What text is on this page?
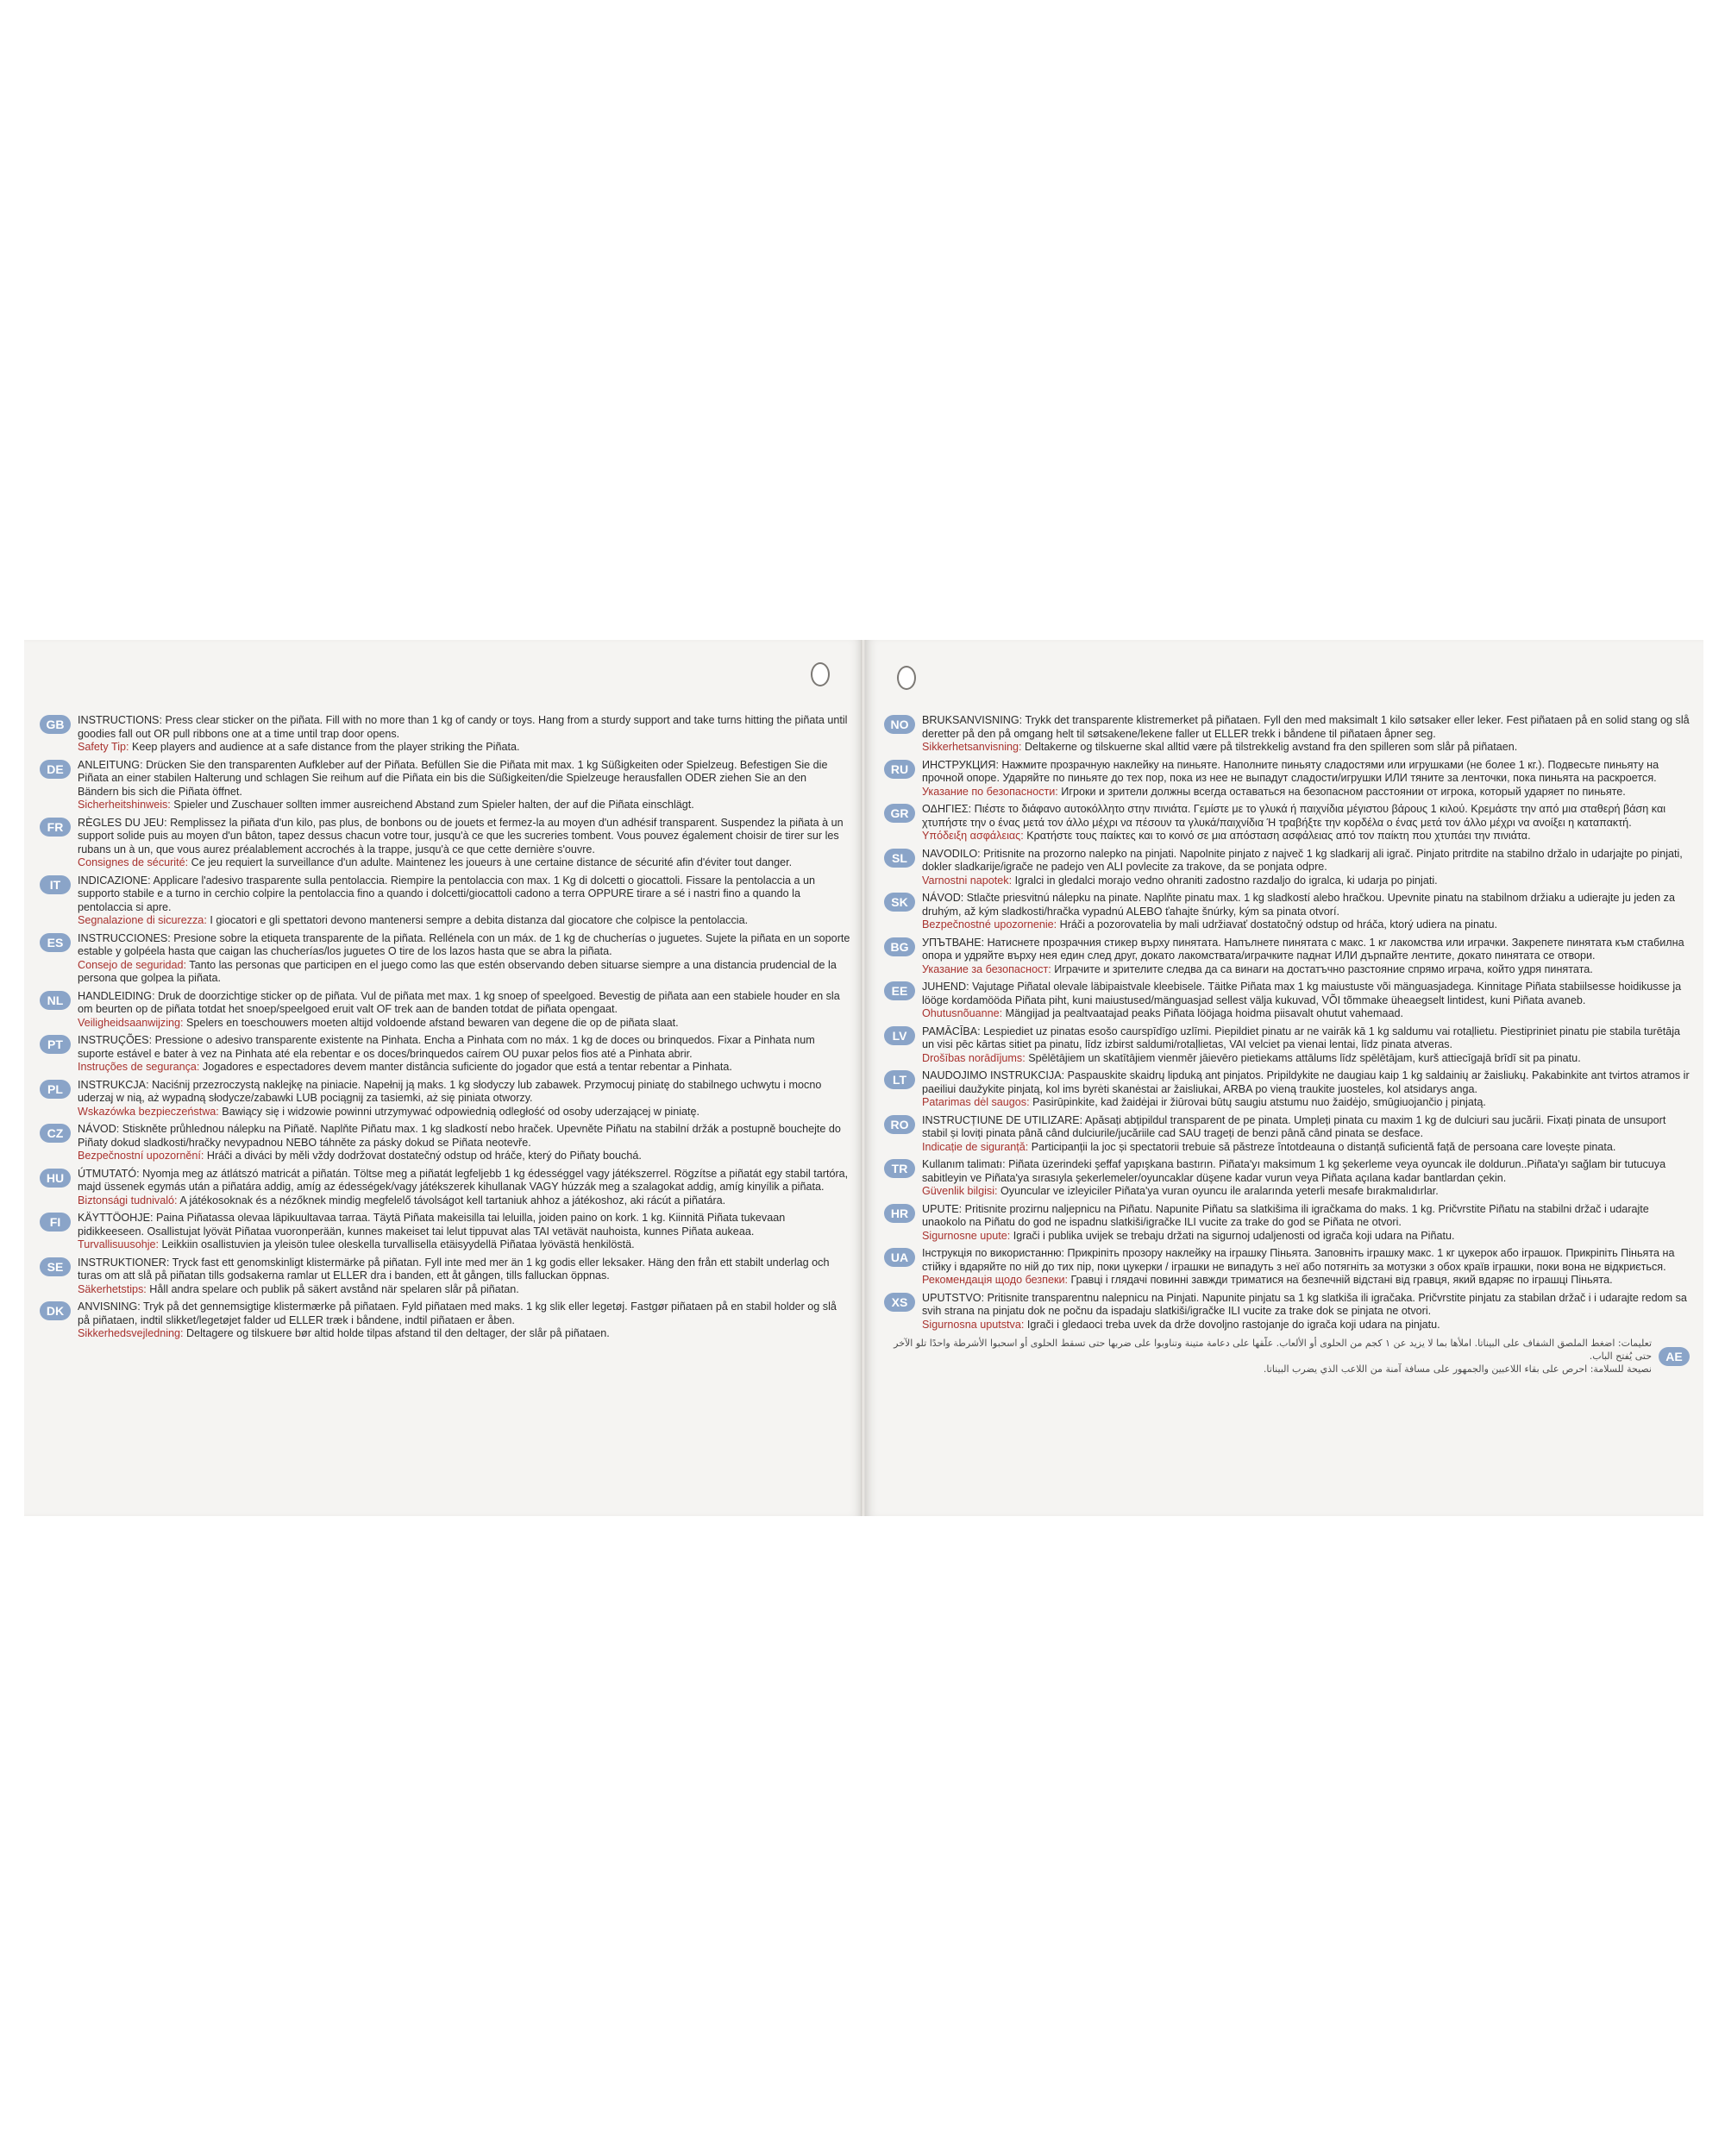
GB	INSTRUCTIONS: Press clear sticker on the piñata. Fill with no more than 1 kg of candy or toys. Hang from a sturdy support and take turns hitting the piñata until goodies fall out OR pull ribbons one at a time until trap door opens.
Safety Tip: Keep players and audience at a safe distance from the player striking the Piñata.
DE	ANLEITUNG: Drücken Sie den transparenten Aufkleber auf der Piñata. Befüllen Sie die Piñata mit max. 1 kg Süßigkeiten oder Spielzeug. Befestigen Sie die Piñata an einer stabilen Halterung und schlagen Sie reihum auf die Piñata ein bis die Süßigkeiten/die Spielzeuge herausfallen ODER ziehen Sie an den Bändern bis sich die Piñata öffnet.
Sicherheitshinweis: Spieler und Zuschauer sollten immer ausreichend Abstand zum Spieler halten, der auf die Piñata einschlägt.
FR	RÈGLES DU JEU: Remplissez la piñata d'un kilo, pas plus, de bonbons ou de jouets et fermez-la au moyen d'un adhésif transparent. Suspendez la piñata à un support solide puis au moyen d'un bâton, tapez dessus chacun votre tour, jusqu'à ce que les sucreries tombent. Vous pouvez également choisir de tirer sur les rubans un à un, que vous aurez préalablement accrochés à la trappe, jusqu'à ce que cette dernière s'ouvre.
Consignes de sécurité: Ce jeu requiert la surveillance d'un adulte. Maintenez les joueurs à une certaine distance de sécurité afin d'éviter tout danger.
IT	INDICAZIONE: Applicare l'adesivo trasparente sulla pentolaccia. Riempire la pentolaccia con max. 1 Kg di dolcetti o giocattoli. Fissare la pentolaccia a un supporto stabile e a turno in cerchio colpire la pentolaccia fino a quando i dolcetti/giocattoli cadono a terra OPPURE tirare a sé i nastri fino a quando la pentolaccia si apre.
Segnalazione di sicurezza: I giocatori e gli spettatori devono mantenersi sempre a debita distanza dal giocatore che colpisce la pentolaccia.
ES	INSTRUCCIONES: Presione sobre la etiqueta transparente de la piñata. Rellénela con un máx. de 1 kg de chucherías o juguetes. Sujete la piñata en un soporte estable y golpéela hasta que caigan las chucherías/los juguetes O tire de los lazos hasta que se abra la piñata.
Consejo de seguridad: Tanto las personas que participen en el juego como las que estén observando deben situarse siempre a una distancia prudencial de la persona que golpea la piñata.
NL	HANDLEIDING: Druk de doorzichtige sticker op de piñata. Vul de piñata met max. 1 kg snoep of speelgoed. Bevestig de piñata aan een stabiele houder en sla om beurten op de piñata totdat het snoep/speelgoed eruit valt OF trek aan de banden totdat de piñata opengaat.
Veiligheidsaanwijzing: Spelers en toeschouwers moeten altijd voldoende afstand bewaren van degene die op de piñata slaat.
PT	INSTRUÇÕES: Pressione o adesivo transparente existente na Pinhata. Encha a Pinhata com no máx. 1 kg de doces ou brinquedos. Fixar a Pinhata num suporte estável e bater à vez na Pinhata até ela rebentar e os doces/brinquedos caírem OU puxar pelos fios até a Pinhata abrir.
Instruções de segurança: Jogadores e espectadores devem manter distância suficiente do jogador que está a tentar rebentar a Pinhata.
PL	INSTRUKCJA: Naciśnij przezroczystą naklejkę na piniacie. Napełnij ją maks. 1 kg słodyczy lub zabawek. Przymocuj piniatę do stabilnego uchwytu i mocno uderzaj w nią, aż wypadną słodycze/zabawki LUB pociągnij za tasiemki, aż się piniata otworzy.
Wskazówka bezpieczeństwa: Bawiący się i widzowie powinni utrzymywać odpowiednią odległość od osoby uderzającej w piniatę.
CZ	NÁVOD: Stiskněte průhlednou nálepku na Piñatě. Naplňte Piñatu max. 1 kg sladkostí nebo hraček. Upevněte Piñatu na stabilní držák a postupně bouchejte do Piñaty dokud sladkosti/hračky nevypadnou NEBO táhněte za pásky dokud se Piñata neotevře.
Bezpečnostní upozornění: Hráči a diváci by měli vždy dodržovat dostatečný odstup od hráče, který do Piñaty bouchá.
HU	ÚTMUTATÓ: Nyomja meg az átlátszó matricát a piñatán. Töltse meg a piñatát legfeljebb 1 kg édességgel vagy játékszerrel. Rögzítse a piñatát egy stabil tartóra, majd üssenek egymás után a piñatára addig, amíg az édességek/vagy játékszerek kihullanak VAGY húzzák meg a szalagokat addig, amíg kinyílik a piñata.
Biztonsági tudnivaló: A játékosoknak és a nézőknek mindig megfelelő távolságot kell tartaniuk ahhoz a játékoshoz, aki rácút a piñatára.
FI	KÄYTTÖOHJE: Paina Piñatassa olevaa läpikuultavaa tarraa. Täytä Piñata makeisilla tai leluilla, joiden paino on kork. 1 kg. Kiinnitä Piñata tukevaan pidikkeeseen. Osallistujat lyövät Piñataa vuoronperään, kunnes makeiset tai lelut tippuvat alas TAI vetävät nauhoista, kunnes Piñata aukeaa.
Turvallisuusohje: Leikkiin osallistuvien ja yleisön tulee oleskella turvallisella etäisyydellä Piñataa lyövästä henkilöstä.
SE	INSTRUKTIONER: Tryck fast ett genomskinligt klistermärke på piñatan. Fyll inte med mer än 1 kg godis eller leksaker. Häng den från ett stabilt underlag och turas om att slå på piñatan tills godsakerna ramlar ut ELLER dra i banden, ett åt gången, tills falluckan öppnas.
Säkerhetstips: Håll andra spelare och publik på säkert avstånd när spelaren slår på piñatan.
DK	ANVISNING: Tryk på det gennemsigtige klistermærke på piñataen. Fyld piñataen med maks. 1 kg slik eller legetøj. Fastgør piñataen på en stabil holder og slå på piñataen, indtil slikket/legetøjet falder ud ELLER træk i båndene, indtil piñataen er åben.
Sikkerhedsvejledning: Deltagere og tilskuere bør altid holde tilpas afstand til den deltager, der slår på piñataen.
NO	BRUKSANVISNING: Trykk det transparente klistremerket på piñataen. Fyll den med maksimalt 1 kilo søtsaker eller leker. Fest piñataen på en solid stang og slå deretter på den på omgang helt til søtsakene/lekene faller ut ELLER trekk i båndene til piñataen åpner seg.
Sikkerhetsanvisning: Deltakerne og tilskuerne skal alltid være på tilstrekkelig avstand fra den spilleren som slår på piñataen.
RU	ИНСТРУКЦИЯ: Нажмите прозрачную наклейку на пиньяте. Наполните пиньяту сладостями или игрушками (не более 1 кг.). Подвесьте пиньяту на прочной опоре. Ударяйте по пиньяте до тех пор, пока из нее не выпадут сладости/игрушки ИЛИ тяните за ленточки, пока пиньята на раскроется.
Указание по безопасности: Игроки и зрители должны всегда оставаться на безопасном расстоянии от игрока, который ударяет по пиньяте.
GR	ΟΔΗΓΙΕΣ: Πιέστε το διάφανο αυτοκόλλητο στην πινιάτα. Γεμίστε με το γλυκά ή παιχνίδια μέγιστου βάρους 1 κιλού. Κρεμάστε την από μια σταθερή βάση και χτυπήστε την ο ένας μετά τον άλλο μέχρι να πέσουν τα γλυκά/παιχνίδια Ή τραβήξτε την κορδέλα ο ένας μετά τον άλλο μέχρι να ανοίξει η καταπακτή.
Υπόδειξη ασφάλειας: Κρατήστε τους παίκτες και το κοινό σε μια απόσταση ασφάλειας από τον παίκτη που χτυπάει την πινιάτα.
SL	NAVODILO: Pritisnite na prozorno nalepko na pinjati. Napolnite pinjato z največ 1 kg sladkarij ali igrač. Pinjato pritrdite na stabilno držalo in udarjajte po pinjati, dokler sladkarije/igrače ne padejo ven ALI povlecite za trakove, da se ponjata odpre.
Varnostni napotek: Igralci in gledalci morajo vedno ohraniti zadostno razdaljo do igralca, ki udarja po pinjati.
SK	NÁVOD: Stlačte priesvitnú nálepku na pinate. Naplňte pinatu max. 1 kg sladkostí alebo hračkou. Upevnite pinatu na stabilnom držiaku a udierajte ju jeden za druhým, až kým sladkosti/hračka vypadnú ALEBO ťahajte šnúrky, kým sa pinata otvorí.
Bezpečnostné upozornenie: Hráči a pozorovatelia by mali udržiavať dostatočný odstup od hráča, ktorý udiera na pinatu.
BG	УПЪТВАНЕ: Натиснете прозрачния стикер върху пинятата. Напълнете пинятата с макс. 1 кг лакомства или играчки. Закрепете пинятата към стабилна опора и удряйте върху нея един след друг, докато лакомствата/играчките паднат ИЛИ дърпайте лентите, докато пинятата се отвори.
Указание за безопасност: Играчите и зрителите следва да са винаги на достатъчно разстояние спрямо играча, който удря пинятата.
EE	JUHEND: Vajutage Piñatal olevale läbipaistvale kleebisele. Täitke Piñata max 1 kg maiustuste või mänguasjadega. Kinnitage Piñata stabiilsesse hoidikusse ja lööge kordamööda Piñata piht, kuni maiustused/mänguasjad sellest välja kukuvad, VÕI tõmmake üheaegselt lintidest, kuni Piñata avaneb.
Ohutusnõuanne: Mängijad ja pealtvaatajad peaks Piñata lööjaga hoidma piisavalt ohutut vahemaad.
LV	PAMĀCĪBA: Lespiediet uz pinatas esošo caurspīdīgo uzlīmi. Piepildiet pinatu ar ne vairāk kā 1 kg saldumu vai rotaļlietu. Piestipriniet pinatu pie stabila turētāja un visi pēc kārtas sitiet pa pinatu, līdz izbirst saldumi/rotaļlietas, VAI velciet pa vienai lentai, līdz pinata atveras.
Drošības norādījums: Spēlētājiem un skatītājiem vienmēr jāievēro pietiekams attālums līdz spēlētājam, kurš attiecīgajā brīdī sit pa pinatu.
LT	NAUDOJIMO INSTRUKCIJA: Paspauskite skaidrų lipduką ant pinjatos. Pripildykite ne daugiau kaip 1 kg saldainių ar žaisliukų. Pakabinkite ant tvirtos atramos ir paeiliui daužykite pinjatą, kol ims byrėti skanėstai ar žaisliukai, ARBA po vieną traukite juosteles, kol atsidarys anga.
Patarimas dėl saugos: Pasirūpinkite, kad žaidėjai ir žiūrovai būtų saugiu atstumu nuo žaidėjo, smūgiuojančio į pinjatą.
RO	INSTRUCȚIUNE DE UTILIZARE: Apăsați abțipildul transparent de pe pinata. Umpleți pinata cu maxim 1 kg de dulciuri sau jucării. Fixați pinata de unsuport stabil și loviți pinata până când dulciurile/jucăriile cad SAU trageți de benzi până când pinata se desface.
Indicație de siguranță: Participanții la joc și spectatorii trebuie să păstreze întotdeauna o distanță suficientă față de persoana care lovește pinata.
TR	Kullanım talimatı: Piñata üzerindeki şeffaf yapışkana bastırın. Piñata'yı maksimum 1 kg şekerleme veya oyuncak ile doldurun..Piñata'yı sağlam bir tutucuya sabitleyin ve Piñata'ya sırasıyla şekerlemeler/oyuncaklar düşene kadar vurun veya Piñata açılana kadar bantlardan çekin.
Güvenlik bilgisi: Oyuncular ve izleyiciler Piñata'ya vuran oyuncu ile aralarında yeterli mesafe bırakmalıdırlar.
HR	UPUTE: Pritisnite prozirnu naljepnicu na Piñatu. Napunite Piñatu sa slatkišima ili igračkama do maks. 1 kg. Pričvrstite Piñatu na stabilni držač i udarajte unaokolo na Piñatu do god ne ispadnu slatkiši/igračke ILI vucite za trake do god se Piñata ne otvori.
Sigurnosne upute: Igrači i publika uvijek se trebaju držati na sigurnoj udaljenosti od igrača koji udara na Piñatu.
UA	Інструкція по використанню: Прикріпіть прозору наклейку на іграшку Піньята. Заповніть іграшку макс. 1 кг цукерок або іграшок. Прикріпіть Піньята на стійку і вдаряйте по ній до тих пір, поки цукерки / іграшки не випадуть з неї або потягніть за мотузки з обох країв іграшки, поки вона не відкриється.
Рекомендація щодо безпеки: Гравці і глядачі повинні завжди триматися на безпечній відстані від гравця, який вдаряє по іграшці Піньята.
XS	UPUTSTVO: Pritisnite transparentnu nalepnicu na Pinjati. Napunite pinjatu sa 1 kg slatkiša ili igračaka. Pričvrstite pinjatu za stabilan držač i i udarajte redom sa svih strana na pinjatu dok ne počnu da ispadaju slatkiši/igračke ILI vucite za trake dok se pinjata ne otvori.
Sigurnosna uputstva: Igrači i gledaoci treba uvek da drže dovoljno rastojanje do igrača koji udara na pinjatu.
تعليمات: اضغط الملصق الشفاف على البيناتا. املأها بما لا يزيد عن ١ كجم من الحلوى أو الألعاب. علّقها على دعامة متينة وتناوبوا على ضربها حتى تسقط الحلوى أو اسحبوا الأشرطة واحدًا تلو الآخر حتى يُفتح الباب.
نصيحة للسلامة: احرص على بقاء اللاعبين والجمهور على مسافة آمنة من اللاعب الذي يضرب البيناتا.
AE
